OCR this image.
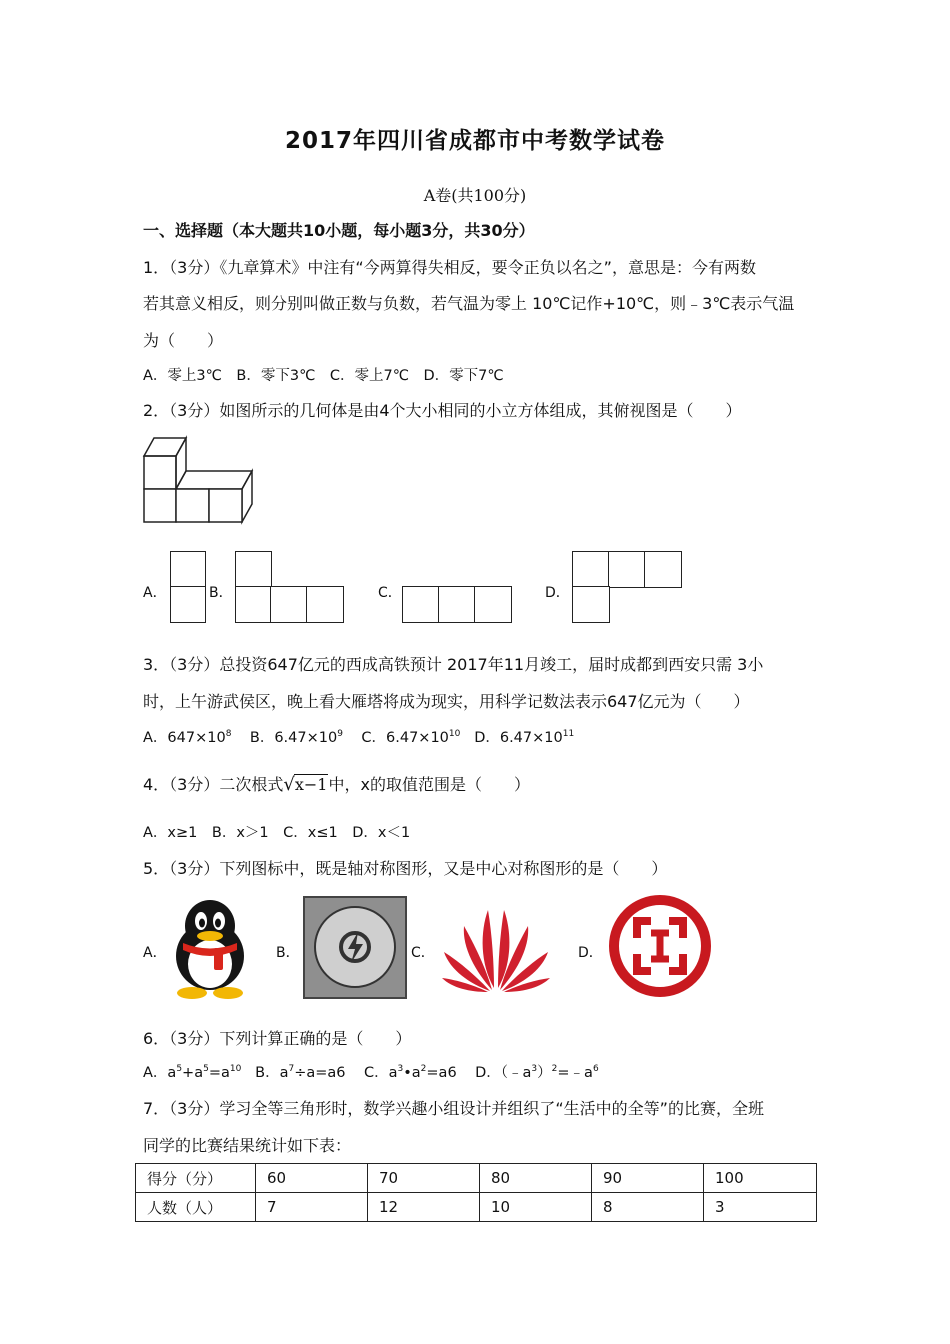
2017年四川省成都市中考数学试卷
A卷(共100分)
一、选择题（本大题共10小题，每小题3分，共30分）
1．（3分）《九章算术》中注有“今两算得失相反，要令正负以名之”，意思是：今有两数
若其意义相反，则分别叫做正数与负数，若气温为零上 10℃记作+10℃，则﹣3℃表示气温
为（　　）
A．零上3℃　B．零下3℃　C．零上7℃　D．零下7℃
2．（3分）如图所示的几何体是由4个大小相同的小立方体组成，其俯视图是（　　）
A．	B．	C．	D．
3．（3分）总投资647亿元的西成高铁预计 2017年11月竣工，届时成都到西安只需 3小
时，上午游武侯区，晚上看大雁塔将成为现实，用科学记数法表示647亿元为（　　）
A．$647\times 10^8$ B．$6.47\times 10^9$ C．$6.47\times 10^{10}$ D．$6.47\times 10^{11}$
4．（3分）二次根式√x−1中，x的取值范围是（　　）
A．x≥1　B．x＞1　C．x≤1　D．x＜1
5．（3分）下列图标中，既是轴对称图形，又是中心对称图形的是（　　）
A．	B．	C．	D．
6．（3分）下列计算正确的是（　　）
A．$a^5+a^5=a^{10}$ B．$a^7\div a=a6$ C．$a^3•a^2=a6$ D．$(﹣a^3)^2=﹣a^6$
7．（3分）学习全等三角形时，数学兴趣小组设计并组织了“生活中的全等”的比赛，全班
同学的比赛结果统计如下表：
得分（分）	60	70	80	90	100
人数（人）	7	12	10	8	3
